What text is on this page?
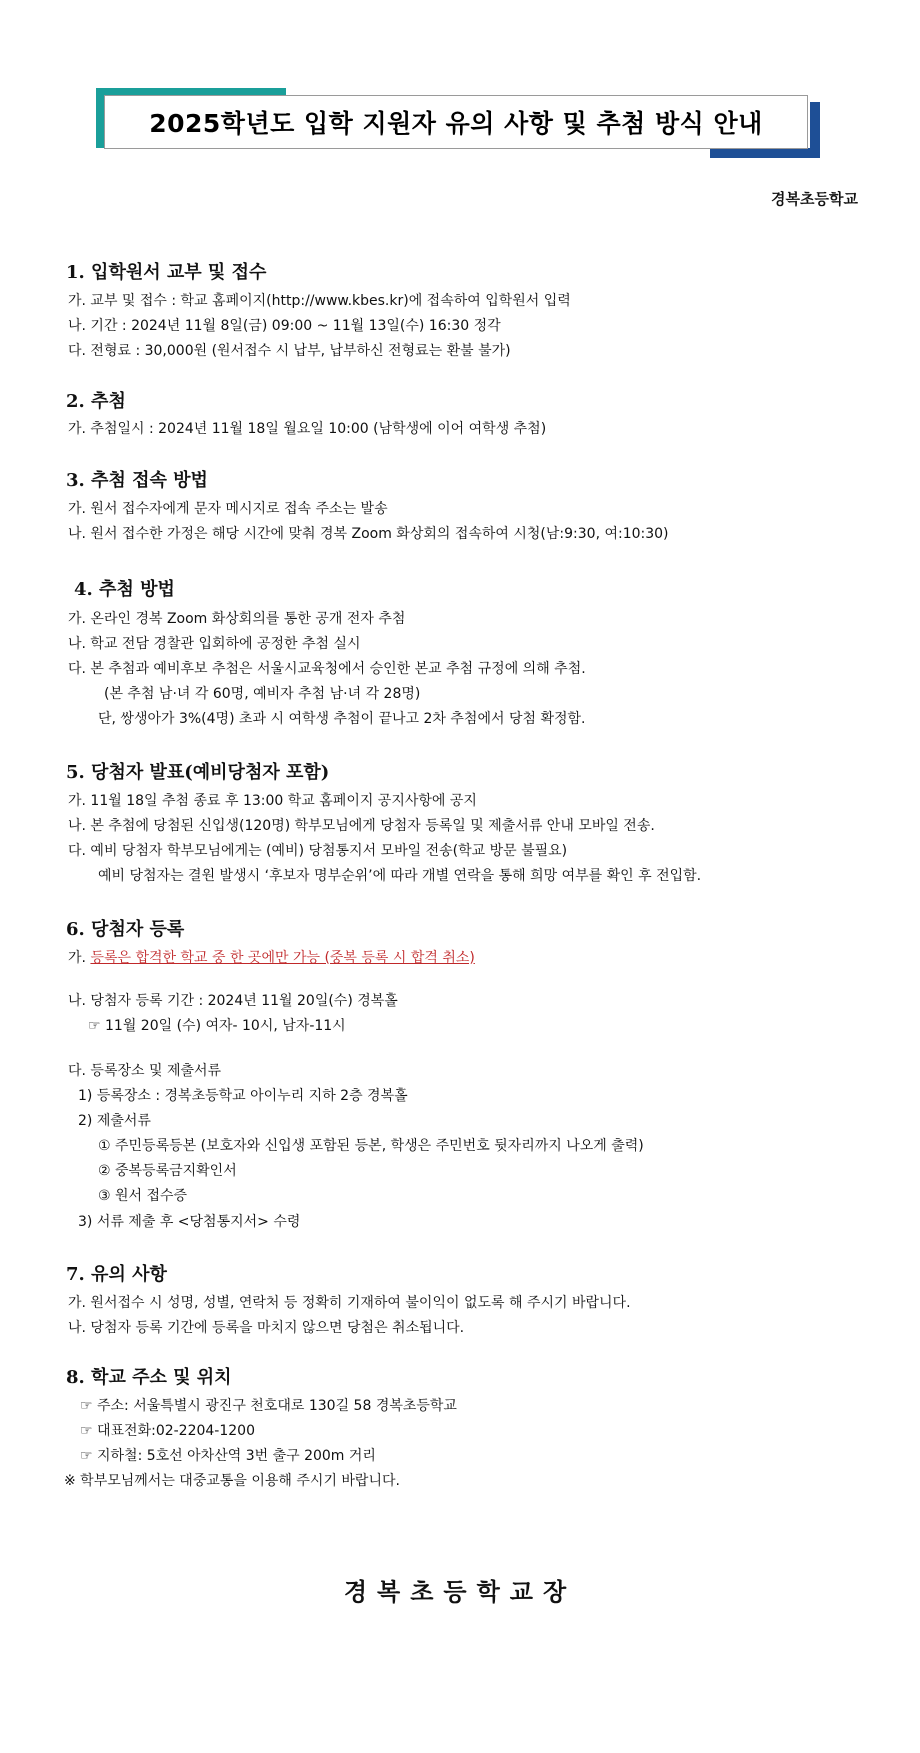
2025학년도 입학 지원자 유의 사항 및 추첨 방식 안내
경복초등학교
1. 입학원서 교부 및 접수
가. 교부 및 접수 : 학교 홈페이지(http://www.kbes.kr)에 접속하여 입학원서 입력
나. 기간 : 2024년 11월 8일(금) 09:00 ~ 11월 13일(수) 16:30 정각
다. 전형료 : 30,000원 (원서접수 시 납부, 납부하신 전형료는 환불 불가)
2. 추첨
가. 추첨일시 : 2024년 11월 18일 월요일 10:00 (남학생에 이어 여학생 추첨)
3. 추첨 접속 방법
가. 원서 접수자에게 문자 메시지로 접속 주소는 발송
나. 원서 접수한 가정은 해당 시간에 맞춰 경복 Zoom 화상회의 접속하여 시청(남:9:30, 여:10:30)
4. 추첨 방법
가. 온라인 경복 Zoom 화상회의를 통한 공개 전자 추첨
나. 학교 전담 경찰관 입회하에 공정한 추첨 실시
다. 본 추첨과 예비후보 추첨은 서울시교육청에서 승인한 본교 추첨 규정에 의해 추첨.
(본 추첨 남·녀 각 60명, 예비자 추첨 남·녀 각 28명)
단, 쌍생아가 3%(4명) 초과 시 여학생 추첨이 끝나고 2차 추첨에서 당첨 확정함.
5. 당첨자 발표(예비당첨자 포함)
가. 11월 18일 추첨 종료 후 13:00 학교 홈페이지 공지사항에 공지
나. 본 추첨에 당첨된 신입생(120명) 학부모님에게 당첨자 등록일 및 제출서류 안내 모바일 전송.
다. 예비 당첨자 학부모님에게는 (예비) 당첨통지서 모바일 전송(학교 방문 불필요)
예비 당첨자는 결원 발생시 ‘후보자 명부순위’에 따라 개별 연락을 통해 희망 여부를 확인 후 전입함.
6. 당첨자 등록
가. 등록은 합격한 학교 중 한 곳에만 가능 (중복 등록 시 합격 취소)
나. 당첨자 등록 기간 : 2024년 11월 20일(수) 경복홀
☞ 11월 20일 (수) 여자- 10시, 남자-11시
다. 등록장소 및 제출서류
1) 등록장소 : 경복초등학교 아이누리 지하 2층 경복홀
2) 제출서류
① 주민등록등본 (보호자와 신입생 포함된 등본, 학생은 주민번호 뒷자리까지 나오게 출력)
② 중복등록금지확인서
③ 원서 접수증
3) 서류 제출 후 <당첨통지서> 수령
7. 유의 사항
가. 원서접수 시 성명, 성별, 연락처 등 정확히 기재하여 불이익이 없도록 해 주시기 바랍니다.
나. 당첨자 등록 기간에 등록을 마치지 않으면 당첨은 취소됩니다.
8. 학교 주소 및 위치
☞ 주소: 서울특별시 광진구 천호대로 130길 58 경복초등학교
☞ 대표전화:02-2204-1200
☞ 지하철: 5호선 아차산역 3번 출구 200m 거리
※ 학부모님께서는 대중교통을 이용해 주시기 바랍니다.
경복초등학교장
